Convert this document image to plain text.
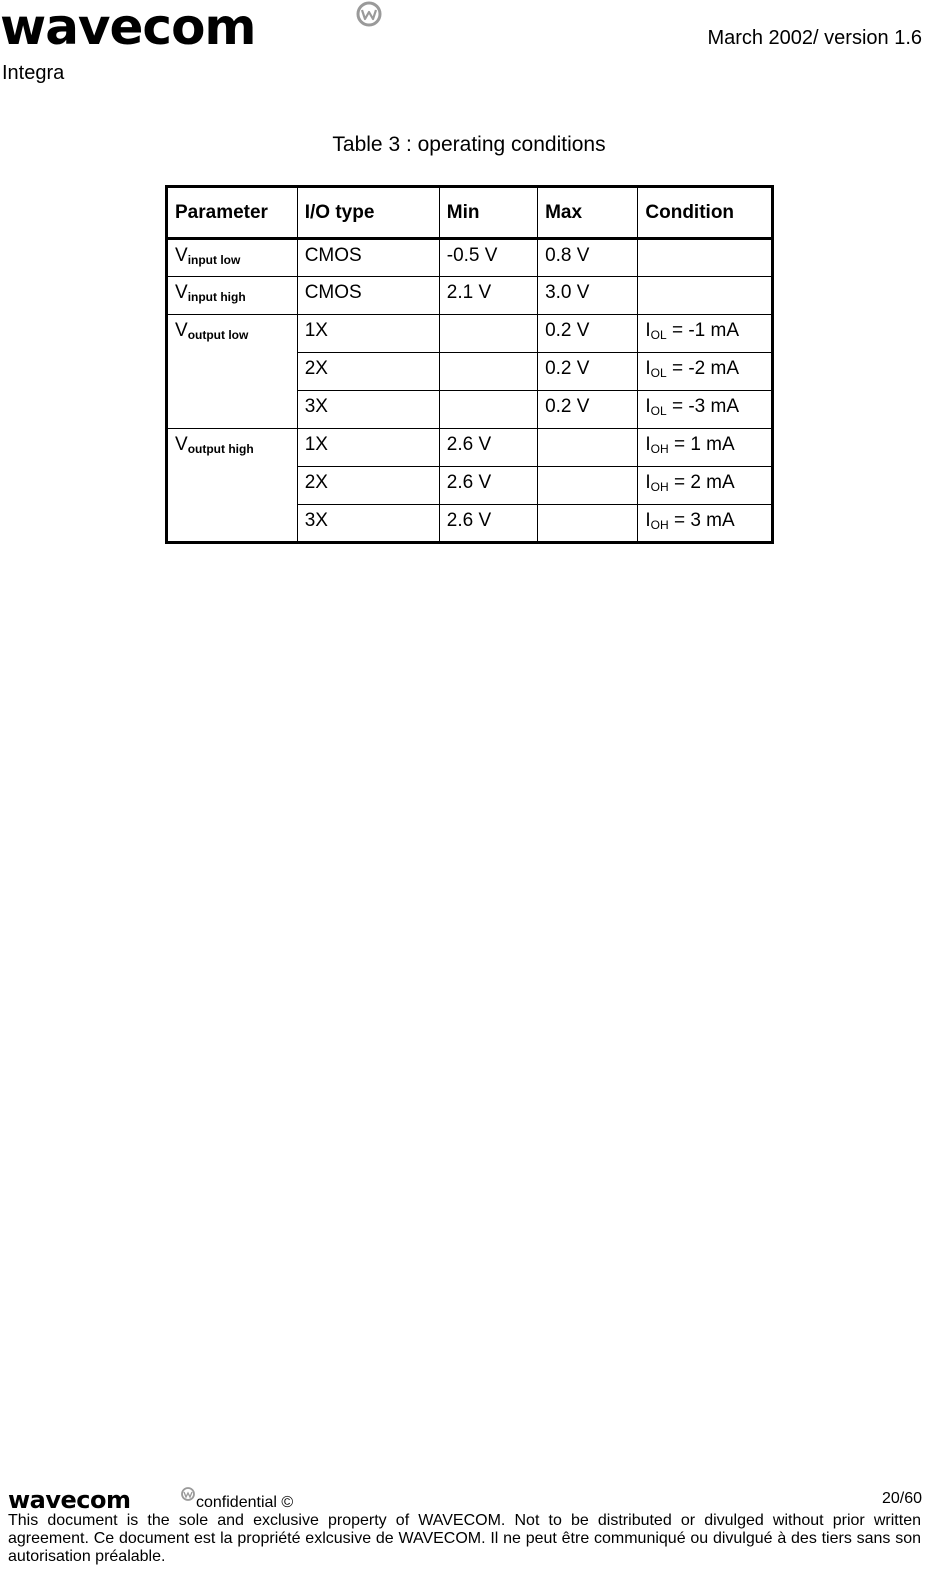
wavecom	March 2002/ version 1.6
Integra
Table 3 : operating conditions
Parameter	I/O type	Min	Max	Condition
$V_{input low}$	CMOS	-0.5 V	0.8 V	
$V_{input high}$	CMOS	2.1 V	3.0 V	
$V_{output low}$	1X		0.2 V	$I_{OL} = -1$ mA
	2X		0.2 V	$I_{OL} = -2$ mA
	3X		0.2 V	$I_{OL} = -3$ mA
$V_{output high}$	1X	2.6 V		$I_{OH} = 1$ mA
	2X	2.6 V		$I_{OH} = 2$ mA
	3X	2.6 V		$I_{OH} = 3$ mA
wavecom	confidential ©	20/60
This document is the sole and exclusive property of WAVECOM. Not to be distributed or divulged without prior written agreement. Ce document est la propriété exlcusive de WAVECOM. Il ne peut être communiqué ou divulgué à des tiers sans son autorisation préalable.
